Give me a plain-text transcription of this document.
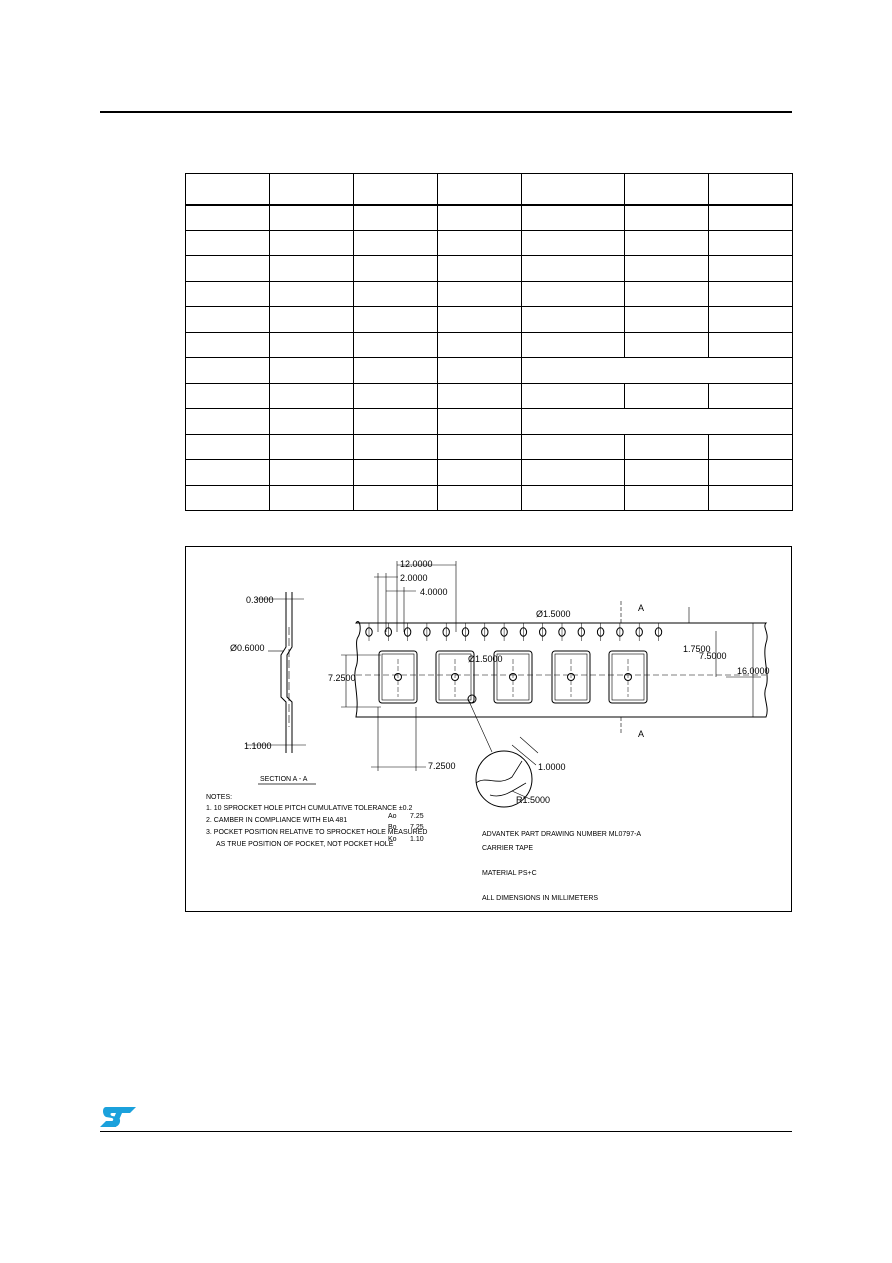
12.0000
2.0000
4.0000
Ø1.5000
0.3000
Ø0.6000
7.2500
Ø1.5000
1.7500
7.5000
16.0000
1.1000
7.2500	1.0000
R1.5000
A
A
SECTION A - A
NOTES:
1. 10 SPROCKET HOLE PITCH CUMULATIVE TOLERANCE ±0.2
2. CAMBER IN COMPLIANCE WITH EIA 481
3. POCKET POSITION RELATIVE TO SPROCKET HOLE MEASURED
AS TRUE POSITION OF POCKET, NOT POCKET HOLE
Ao 7.25
Bo 7.25
Ko 1.10
ADVANTEK PART DRAWING NUMBER ML0797-A
CARRIER TAPE
MATERIAL PS+C
ALL DIMENSIONS IN MILLIMETERS
